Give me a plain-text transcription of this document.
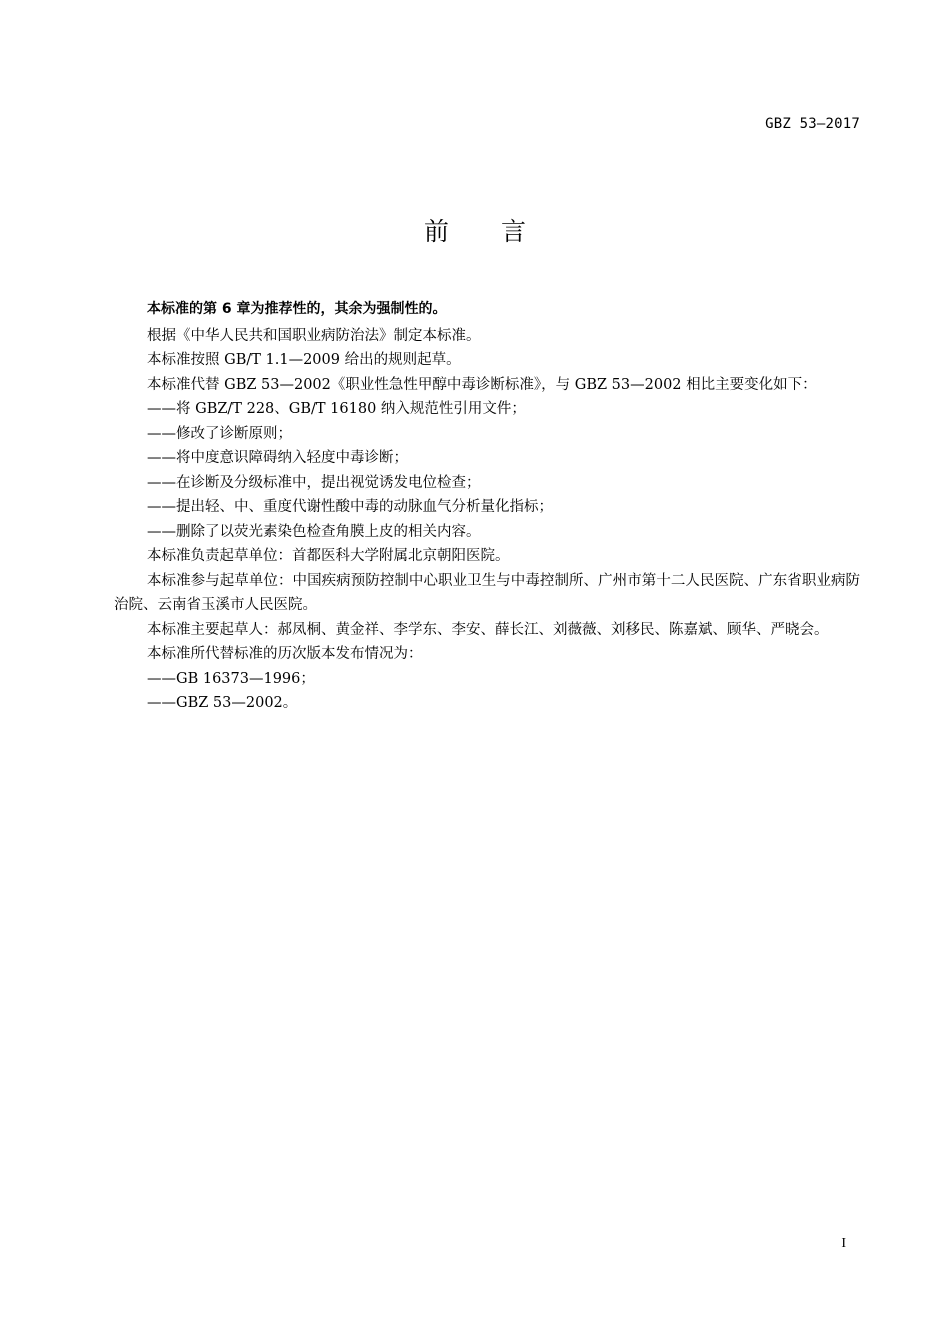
GBZ 53—2017
前言

本标准的第 6 章为推荐性的，其余为强制性的。

根据《中华人民共和国职业病防治法》制定本标准。

本标准按照 GB/T 1.1—2009 给出的规则起草。

本标准代替 GBZ 53—2002《职业性急性甲醇中毒诊断标准》，与 GBZ 53—2002 相比主要变化如下：

——将 GBZ/T 228、GB/T 16180 纳入规范性引用文件；

——修改了诊断原则；

——将中度意识障碍纳入轻度中毒诊断；

——在诊断及分级标准中，提出视觉诱发电位检查；

——提出轻、中、重度代谢性酸中毒的动脉血气分析量化指标；

——删除了以荧光素染色检查角膜上皮的相关内容。

本标准负责起草单位：首都医科大学附属北京朝阳医院。

本标准参与起草单位：中国疾病预防控制中心职业卫生与中毒控制所、广州市第十二人民医院、广东省职业病防治院、云南省玉溪市人民医院。

本标准主要起草人：郝凤桐、黄金祥、李学东、李安、薛长江、刘薇薇、刘移民、陈嘉斌、顾华、严晓会。

本标准所代替标准的历次版本发布情况为：

——GB 16373—1996；

——GBZ 53—2002。

I
